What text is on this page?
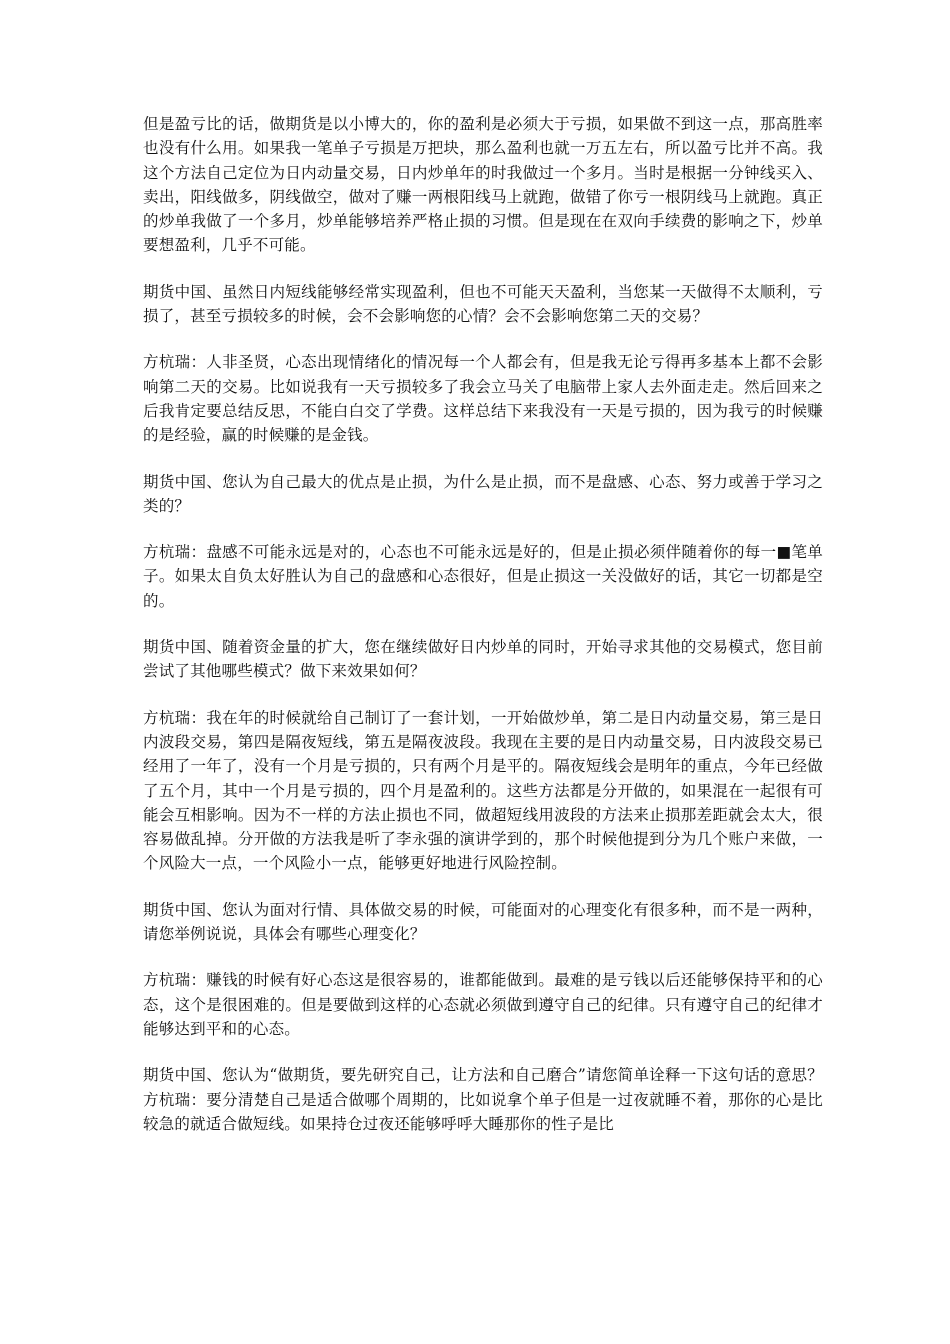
但是盈亏比的话，做期货是以小博大的，你的盈利是必须大于亏损，如果做不到这一点，那高胜率也没有什么用。如果我一笔单子亏损是万把块，那么盈利也就一万五左右，所以盈亏比并不高。我这个方法自己定位为日内动量交易，日内炒单年的时我做过一个多月。当时是根据一分钟线买入、卖出，阳线做多，阴线做空，做对了赚一两根阳线马上就跑，做错了你亏一根阴线马上就跑。真正的炒单我做了一个多月，炒单能够培养严格止损的习惯。但是现在在双向手续费的影响之下，炒单要想盈利，几乎不可能。

期货中国、虽然日内短线能够经常实现盈利，但也不可能天天盈利，当您某一天做得不太顺利，亏损了，甚至亏损较多的时候，会不会影响您的心情？会不会影响您第二天的交易？

方杭瑞：人非圣贤，心态出现情绪化的情况每一个人都会有，但是我无论亏得再多基本上都不会影响第二天的交易。比如说我有一天亏损较多了我会立马关了电脑带上家人去外面走走。然后回来之后我肯定要总结反思，不能白白交了学费。这样总结下来我没有一天是亏损的，因为我亏的时候赚的是经验，赢的时候赚的是金钱。

期货中国、您认为自己最大的优点是止损，为什么是止损，而不是盘感、心态、努力或善于学习之类的？

方杭瑞：盘感不可能永远是对的，心态也不可能永远是好的，但是止损必须伴随着你的每一■笔单子。如果太自负太好胜认为自己的盘感和心态很好，但是止损这一关没做好的话，其它一切都是空的。

期货中国、随着资金量的扩大，您在继续做好日内炒单的同时，开始寻求其他的交易模式，您目前尝试了其他哪些模式？做下来效果如何？

方杭瑞：我在年的时候就给自己制订了一套计划，一开始做炒单，第二是日内动量交易，第三是日内波段交易，第四是隔夜短线，第五是隔夜波段。我现在主要的是日内动量交易，日内波段交易已经用了一年了，没有一个月是亏损的，只有两个月是平的。隔夜短线会是明年的重点，今年已经做了五个月，其中一个月是亏损的，四个月是盈利的。这些方法都是分开做的，如果混在一起很有可能会互相影响。因为不一样的方法止损也不同，做超短线用波段的方法来止损那差距就会太大，很容易做乱掉。分开做的方法我是听了李永强的演讲学到的，那个时候他提到分为几个账户来做，一个风险大一点，一个风险小一点，能够更好地进行风险控制。

期货中国、您认为面对行情、具体做交易的时候，可能面对的心理变化有很多种，而不是一两种，请您举例说说，具体会有哪些心理变化？

方杭瑞：赚钱的时候有好心态这是很容易的，谁都能做到。最难的是亏钱以后还能够保持平和的心态，这个是很困难的。但是要做到这样的心态就必须做到遵守自己的纪律。只有遵守自己的纪律才能够达到平和的心态。

期货中国、您认为“做期货，要先研究自己，让方法和自己磨合”请您简单诠释一下这句话的意思？方杭瑞：要分清楚自己是适合做哪个周期的，比如说拿个单子但是一过夜就睡不着，那你的心是比较急的就适合做短线。如果持仓过夜还能够呼呼大睡那你的性子是比
